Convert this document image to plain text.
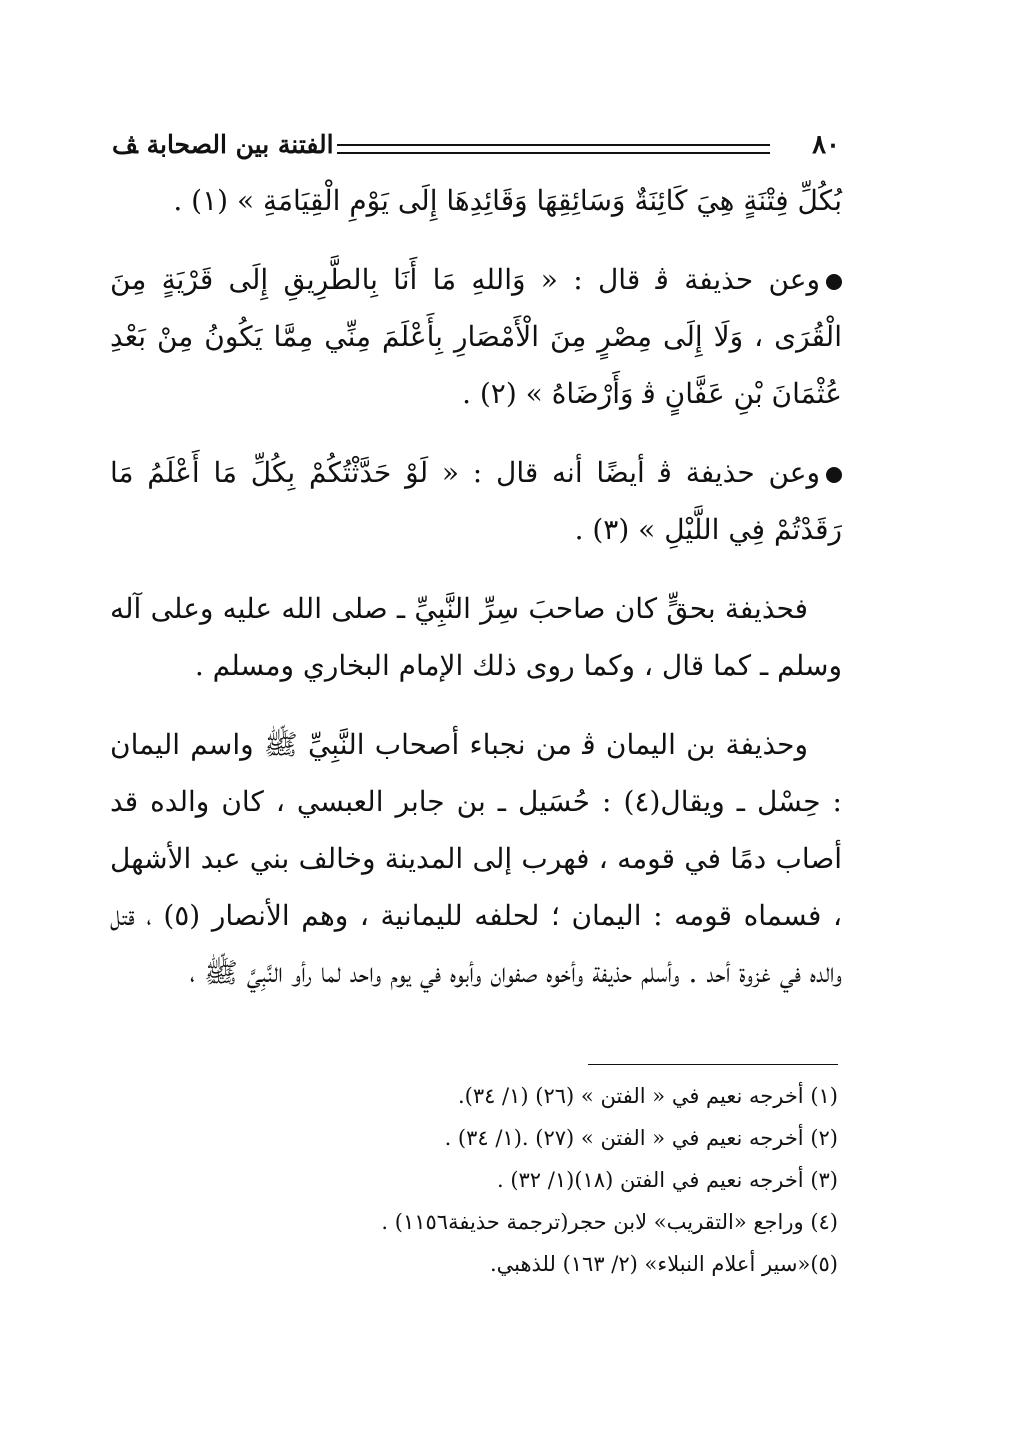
٨٠
الفتنة بين الصحابة ﭫ

بُكُلِّ فِتْنَةٍ هِيَ كَائِنَةٌ وَسَائِقِهَا وَقَائِدِهَا إِلَى يَوْمِ الْقِيَامَةِ » (١) .

وعن حذيفة ﭬ قال : « وَاللهِ مَا أَنَا بِالطَّرِيقِ إِلَى قَرْيَةٍ مِنَ الْقُرَى ، وَلَا إِلَى مِصْرٍ مِنَ الْأَمْصَارِ بِأَعْلَمَ مِنِّي مِمَّا يَكُونُ مِنْ بَعْدِ عُثْمَانَ بْنِ عَفَّانٍ ﭬ وَأَرْضَاهُ » (٢) .

وعن حذيفة ﭬ أيضًا أنه قال : « لَوْ حَدَّثْتُكُمْ بِكُلِّ مَا أَعْلَمُ مَا رَقَدْتُمْ فِي اللَّيْلِ » (٣) .

فحذيفة بحقٍّ كان صاحبَ سِرِّ النَّبِيِّ ـ صلى الله عليه وعلى آله وسلم ـ كما قال ، وكما روى ذلك الإمام البخاري ومسلم .

وحذيفة بن اليمان ﭬ من نجباء أصحاب النَّبِيِّ ﷺ واسم اليمان : حِسْل ـ ويقال(٤) : حُسَيل ـ بن جابر العبسي ، كان والده قد أصاب دمًا في قومه ، فهرب إلى المدينة وخالف بني عبد الأشهل ، فسماه قومه : اليمان ؛ لحلفه لليمانية ، وهم الأنصار (٥) ، قتل والده في غزوة أحد . وأسلم حذيفة وأخوه صفوان وأبوه في يوم واحد لما رأو النَّبِيَّ ﷺ ،

(١) أخرجه نعيم في « الفتن » (٢٦) (١/ ٣٤).
(٢) أخرجه نعيم في « الفتن » (٢٧) .(١/ ٣٤) .
(٣) أخرجه نعيم في الفتن (١٨)(١/ ٣٢) .
(٤) وراجع «التقريب» لابن حجر(ترجمة حذيفة١١٥٦) .
(٥)«سير أعلام النبلاء» (٢/ ١٦٣) للذهبي.
